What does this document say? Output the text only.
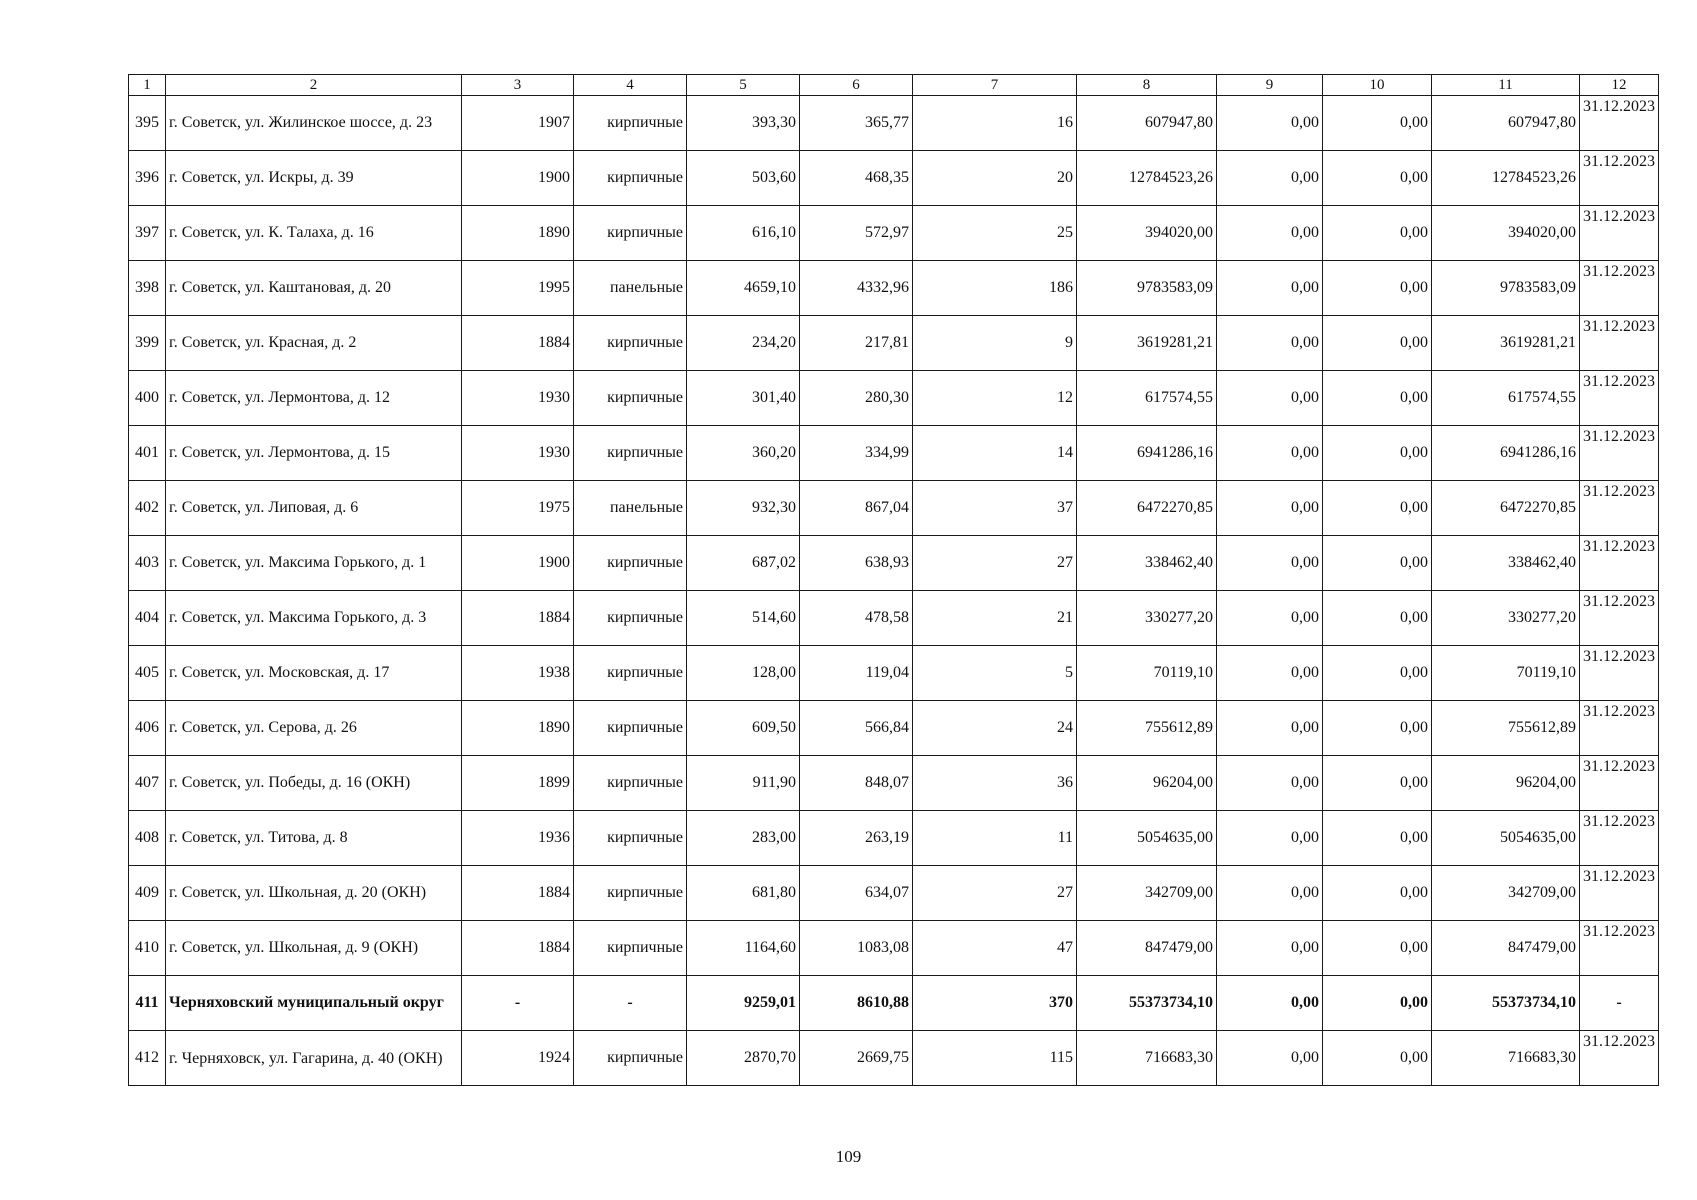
1	2	3	4	5	6	7	8	9	10	11	12
395	г. Советск, ул. Жилинское шоссе, д. 23	1907	кирпичные	393,30	365,77	16	607947,80	0,00	0,00	607947,80	31.12.2023
396	г. Советск, ул. Искры, д. 39	1900	кирпичные	503,60	468,35	20	12784523,26	0,00	0,00	12784523,26	31.12.2023
397	г. Советск, ул. К. Талаха, д. 16	1890	кирпичные	616,10	572,97	25	394020,00	0,00	0,00	394020,00	31.12.2023
398	г. Советск, ул. Каштановая, д. 20	1995	панельные	4659,10	4332,96	186	9783583,09	0,00	0,00	9783583,09	31.12.2023
399	г. Советск, ул. Красная, д. 2	1884	кирпичные	234,20	217,81	9	3619281,21	0,00	0,00	3619281,21	31.12.2023
400	г. Советск, ул. Лермонтова, д. 12	1930	кирпичные	301,40	280,30	12	617574,55	0,00	0,00	617574,55	31.12.2023
401	г. Советск, ул. Лермонтова, д. 15	1930	кирпичные	360,20	334,99	14	6941286,16	0,00	0,00	6941286,16	31.12.2023
402	г. Советск, ул. Липовая, д. 6	1975	панельные	932,30	867,04	37	6472270,85	0,00	0,00	6472270,85	31.12.2023
403	г. Советск, ул. Максима Горького, д. 1	1900	кирпичные	687,02	638,93	27	338462,40	0,00	0,00	338462,40	31.12.2023
404	г. Советск, ул. Максима Горького, д. 3	1884	кирпичные	514,60	478,58	21	330277,20	0,00	0,00	330277,20	31.12.2023
405	г. Советск, ул. Московская, д. 17	1938	кирпичные	128,00	119,04	5	70119,10	0,00	0,00	70119,10	31.12.2023
406	г. Советск, ул. Серова, д. 26	1890	кирпичные	609,50	566,84	24	755612,89	0,00	0,00	755612,89	31.12.2023
407	г. Советск, ул. Победы, д. 16 (ОКН)	1899	кирпичные	911,90	848,07	36	96204,00	0,00	0,00	96204,00	31.12.2023
408	г. Советск, ул. Титова, д. 8	1936	кирпичные	283,00	263,19	11	5054635,00	0,00	0,00	5054635,00	31.12.2023
409	г. Советск, ул. Школьная, д. 20 (ОКН)	1884	кирпичные	681,80	634,07	27	342709,00	0,00	0,00	342709,00	31.12.2023
410	г. Советск, ул. Школьная, д. 9 (ОКН)	1884	кирпичные	1164,60	1083,08	47	847479,00	0,00	0,00	847479,00	31.12.2023
411	Черняховский муниципальный округ	-	-	9259,01	8610,88	370	55373734,10	0,00	0,00	55373734,10	-
412	г. Черняховск, ул. Гагарина, д. 40 (ОКН)	1924	кирпичные	2870,70	2669,75	115	716683,30	0,00	0,00	716683,30	31.12.2023
109
